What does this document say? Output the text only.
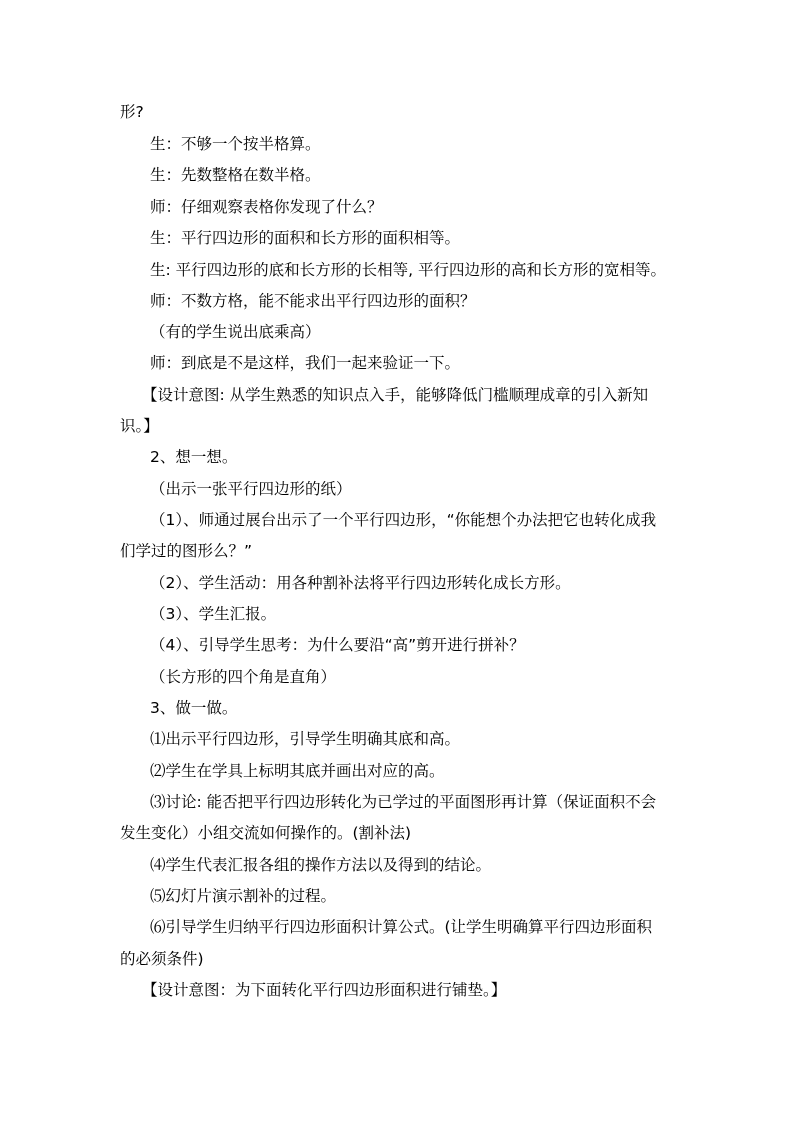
形?
生：不够一个按半格算。
生：先数整格在数半格。
师：仔细观察表格你发现了什么？
生：平行四边形的面积和长方形的面积相等。
生: 平行四边形的底和长方形的长相等, 平行四边形的高和长方形的宽相等。
师：不数方格，能不能求出平行四边形的面积？
（有的学生说出底乘高）
师：到底是不是这样，我们一起来验证一下。
【设计意图: 从学生熟悉的知识点入手，能够降低门槛顺理成章的引入新知
识。】
2、想一想。
（出示一张平行四边形的纸）
（1）、师通过展台出示了一个平行四边形，“你能想个办法把它也转化成我
们学过的图形么？”
（2）、学生活动：用各种割补法将平行四边形转化成长方形。
（3）、学生汇报。
（4）、引导学生思考：为什么要沿“高”剪开进行拼补？
（长方形的四个角是直角）
3、做一做。
⑴出示平行四边形，引导学生明确其底和高。
⑵学生在学具上标明其底并画出对应的高。
⑶讨论: 能否把平行四边形转化为已学过的平面图形再计算（保证面积不会
发生变化）小组交流如何操作的。(割补法)
⑷学生代表汇报各组的操作方法以及得到的结论。
⑸幻灯片演示割补的过程。
⑹引导学生归纳平行四边形面积计算公式。(让学生明确算平行四边形面积
的必须条件)
【设计意图：为下面转化平行四边形面积进行铺垫。】
